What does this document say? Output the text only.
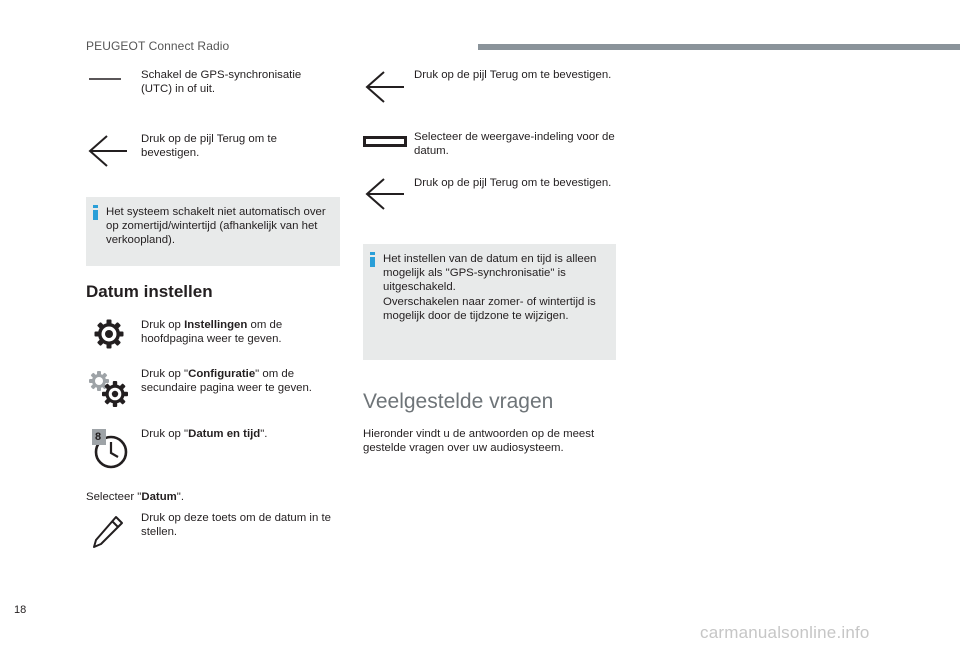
PEUGEOT Connect Radio
Schakel de GPS-synchronisatie (UTC) in of uit.
Druk op de pijl Terug om te bevestigen.
Het systeem schakelt niet automatisch over op zomertijd/wintertijd (afhankelijk van het verkoopland).
Datum instellen
Druk op Instellingen om de hoofdpagina weer te geven.
Druk op "Configuratie" om de secundaire pagina weer te geven.
8	Druk op "Datum en tijd".
Selecteer "Datum".
Druk op deze toets om de datum in te stellen.
Druk op de pijl Terug om te bevestigen.
Selecteer de weergave-indeling voor de datum.
Druk op de pijl Terug om te bevestigen.
Het instellen van de datum en tijd is alleen mogelijk als "GPS-synchronisatie" is uitgeschakeld.
Overschakelen naar zomer- of wintertijd is mogelijk door de tijdzone te wijzigen.
Veelgestelde vragen
Hieronder vindt u de antwoorden op de meest gestelde vragen over uw audiosysteem.
18
carmanualsonline.info
